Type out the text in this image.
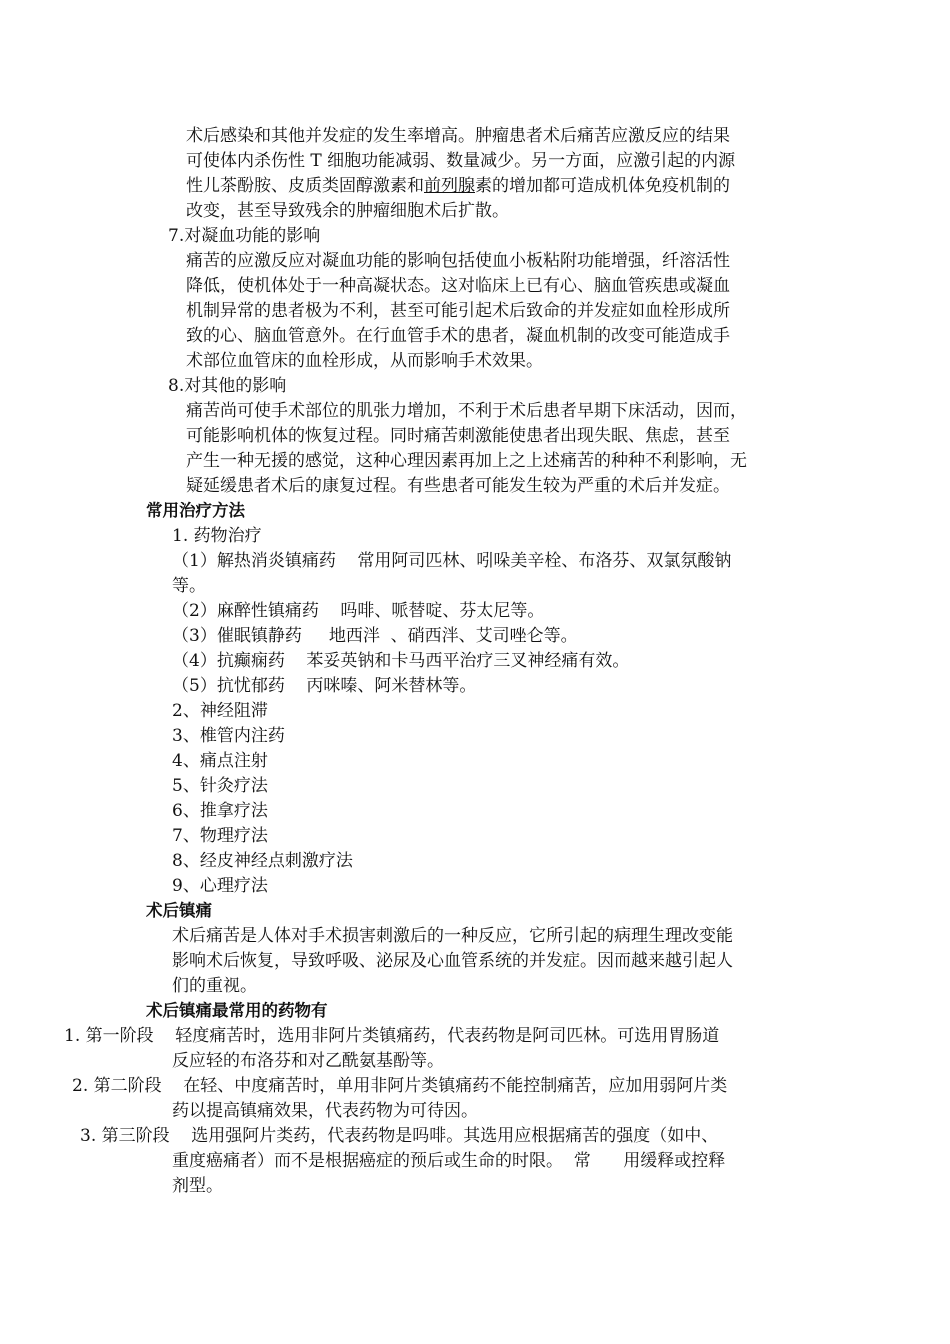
术后感染和其他并发症的发生率增高。肿瘤患者术后痛苦应激反应的结果
可使体内杀伤性 T 细胞功能减弱、数量减少。另一方面，应激引起的内源
性儿茶酚胺、皮质类固醇激素和前列腺素的增加都可造成机体免疫机制的
改变，甚至导致残余的肿瘤细胞术后扩散。
7.对凝血功能的影响
痛苦的应激反应对凝血功能的影响包括使血小板粘附功能增强，纤溶活性
降低，使机体处于一种高凝状态。这对临床上已有心、脑血管疾患或凝血
机制异常的患者极为不利，甚至可能引起术后致命的并发症如血栓形成所
致的心、脑血管意外。在行血管手术的患者，凝血机制的改变可能造成手
术部位血管床的血栓形成，从而影响手术效果。
8.对其他的影响
痛苦尚可使手术部位的肌张力增加，不利于术后患者早期下床活动，因而，
可能影响机体的恢复过程。同时痛苦刺激能使患者出现失眠、焦虑，甚至
产生一种无援的感觉，这种心理因素再加上之上述痛苦的种种不利影响，无
疑延缓患者术后的康复过程。有些患者可能发生较为严重的术后并发症。
常用治疗方法
1. 药物治疗
（1）解热消炎镇痛药    常用阿司匹林、吲哚美辛栓、布洛芬、双氯氛酸钠
等。
（2）麻醉性镇痛药    吗啡、哌替啶、芬太尼等。
（3）催眠镇静药     地西泮  、硝西泮、艾司唑仑等。
（4）抗癫痫药    苯妥英钠和卡马西平治疗三叉神经痛有效。
（5）抗忧郁药    丙咪嗪、阿米替林等。
2、神经阻滞
3、椎管内注药
4、痛点注射
5、针灸疗法
6、推拿疗法
7、物理疗法
8、经皮神经点刺激疗法
9、心理疗法
术后镇痛
术后痛苦是人体对手术损害刺激后的一种反应，它所引起的病理生理改变能
影响术后恢复，导致呼吸、泌尿及心血管系统的并发症。因而越来越引起人
们的重视。
术后镇痛最常用的药物有
1. 第一阶段    轻度痛苦时，选用非阿片类镇痛药，代表药物是阿司匹林。可选用胃肠道
反应轻的布洛芬和对乙酰氨基酚等。
2. 第二阶段    在轻、中度痛苦时，单用非阿片类镇痛药不能控制痛苦，应加用弱阿片类
药以提高镇痛效果，代表药物为可待因。
3. 第三阶段    选用强阿片类药，代表药物是吗啡。其选用应根据痛苦的强度（如中、
重度癌痛者）而不是根据癌症的预后或生命的时限。  常      用缓释或控释
剂型。
